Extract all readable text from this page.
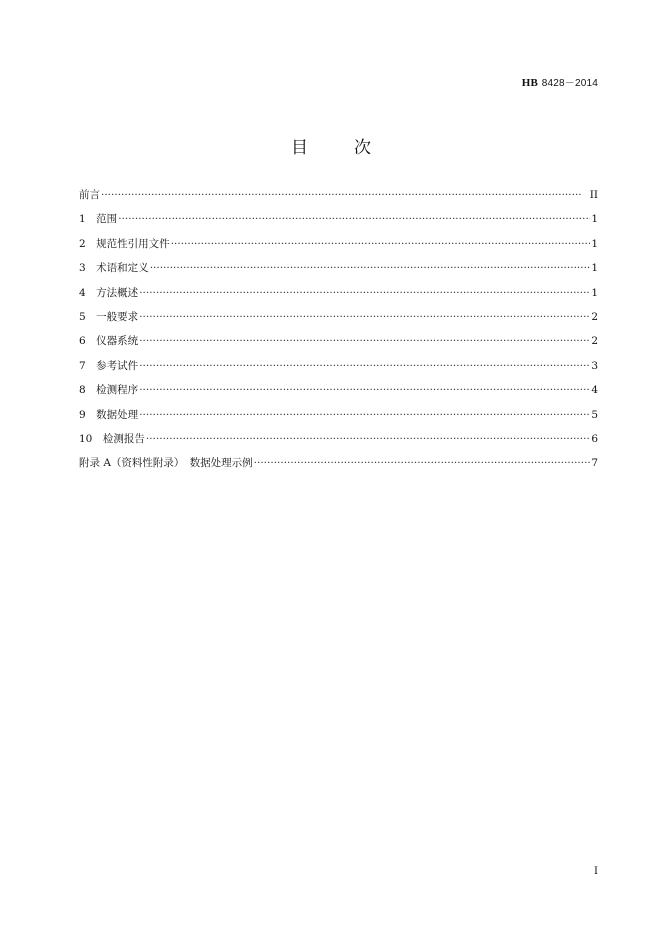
HB 8428－2014
目次
前言 ·····	II
1　范围 ·····	1
2　规范性引用文件 ·····	1
3　术语和定义 ·····	1
4　方法概述 ·····	1
5　一般要求 ·····	2
6　仪器系统 ·····	2
7　参考试件 ·····	3
8　检测程序 ·····	4
9　数据处理 ·····	5
10　检测报告 ·····	6
附录 A（资料性附录）　数据处理示例 ·····	7
I
